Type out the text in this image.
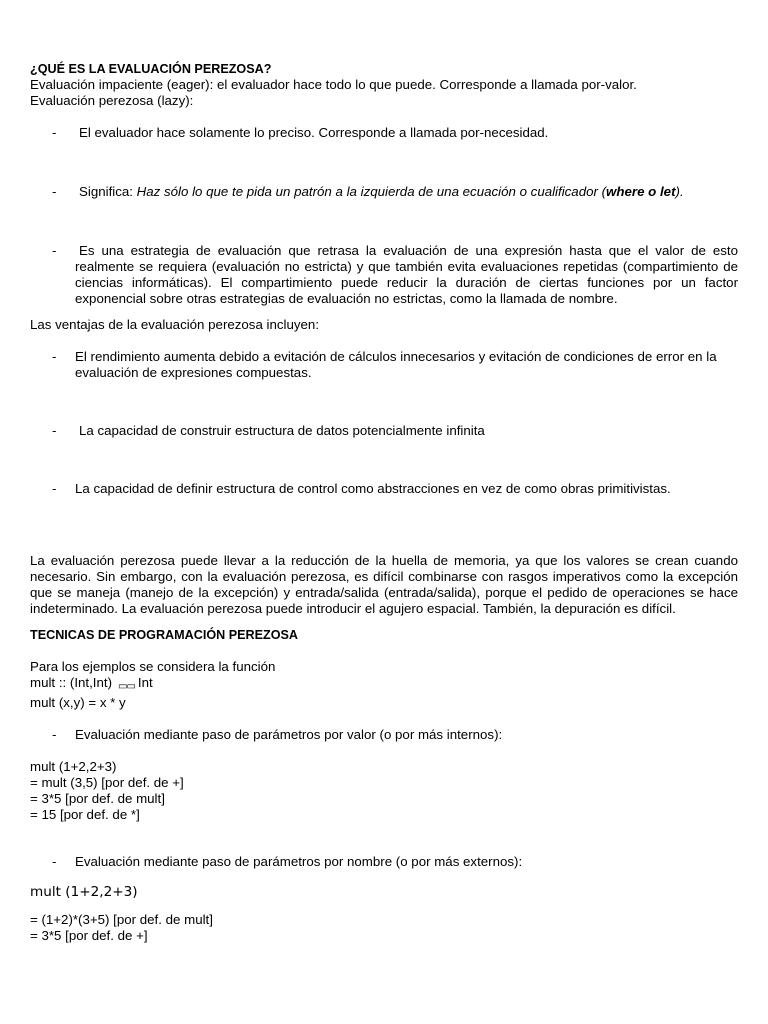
¿QUÉ ES LA EVALUACIÓN PEREZOSA?

Evaluación impaciente (eager): el evaluador hace todo lo que puede. Corresponde a llamada por-valor.

Evaluación perezosa (lazy):

-	El evaluador hace solamente lo preciso. Corresponde a llamada por-necesidad.
-	Significa: Haz sólo lo que te pida un patrón a la izquierda de una ecuación o cualificador (where o let).
-	Es una estrategia de evaluación que retrasa la evaluación de una expresión hasta que el valor de esto realmente se requiera (evaluación no estricta) y que también evita evaluaciones repetidas (compartimiento de ciencias informáticas). El compartimiento puede reducir la duración de ciertas funciones por un factor exponencial sobre otras estrategias de evaluación no estrictas, como la llamada de nombre.

Las ventajas de la evaluación perezosa incluyen:

-	El rendimiento aumenta debido a evitación de cálculos innecesarios y evitación de condiciones de error en la evaluación de expresiones compuestas.
-	La capacidad de construir estructura de datos potencialmente infinita
-	La capacidad de definir estructura de control como abstracciones en vez de como obras primitivistas.

La evaluación perezosa puede llevar a la reducción de la huella de memoria, ya que los valores se crean cuando necesario. Sin embargo, con la evaluación perezosa, es difícil combinarse con rasgos imperativos como la excepción que se maneja (manejo de la excepción) y entrada/salida (entrada/salida), porque el pedido de operaciones se hace indeterminado. La evaluación perezosa puede introducir el agujero espacial. También, la depuración es difícil.

TECNICAS DE PROGRAMACIÓN PEREZOSA

Para los ejemplos se considera la función

mult :: (Int,Int) ▭▭ Int

mult (x,y) = x * y

-	Evaluación mediante paso de parámetros por valor (o por más internos):

mult (1+2,2+3)

= mult (3,5) [por def. de +]

= 3*5 [por def. de mult]

= 15 [por def. de *]

-	Evaluación mediante paso de parámetros por nombre (o por más externos):

mult (1+2,2+3)

= (1+2)*(3+5) [por def. de mult]

= 3*5 [por def. de +]
